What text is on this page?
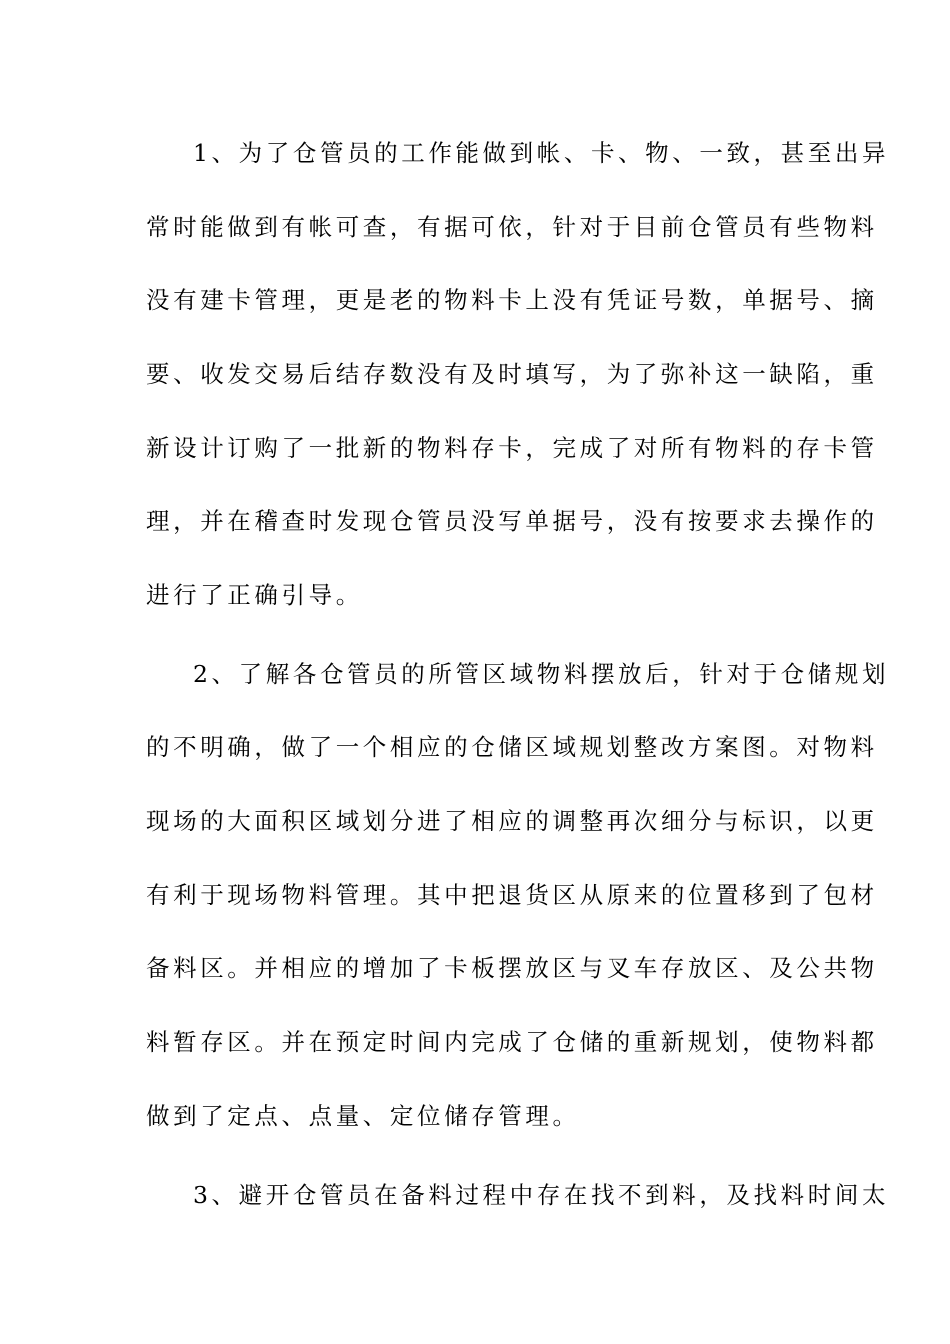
1、为了仓管员的工作能做到帐、卡、物、一致，甚至出异
常时能做到有帐可查，有据可依，针对于目前仓管员有些物料
没有建卡管理，更是老的物料卡上没有凭证号数，单据号、摘
要、收发交易后结存数没有及时填写，为了弥补这一缺陷，重
新设计订购了一批新的物料存卡，完成了对所有物料的存卡管
理，并在稽查时发现仓管员没写单据号，没有按要求去操作的
进行了正确引导。
2、了解各仓管员的所管区域物料摆放后，针对于仓储规划
的不明确，做了一个相应的仓储区域规划整改方案图。对物料
现场的大面积区域划分进了相应的调整再次细分与标识，以更
有利于现场物料管理。其中把退货区从原来的位置移到了包材
备料区。并相应的增加了卡板摆放区与叉车存放区、及公共物
料暂存区。并在预定时间内完成了仓储的重新规划，使物料都
做到了定点、点量、定位储存管理。
3、避开仓管员在备料过程中存在找不到料，及找料时间太
